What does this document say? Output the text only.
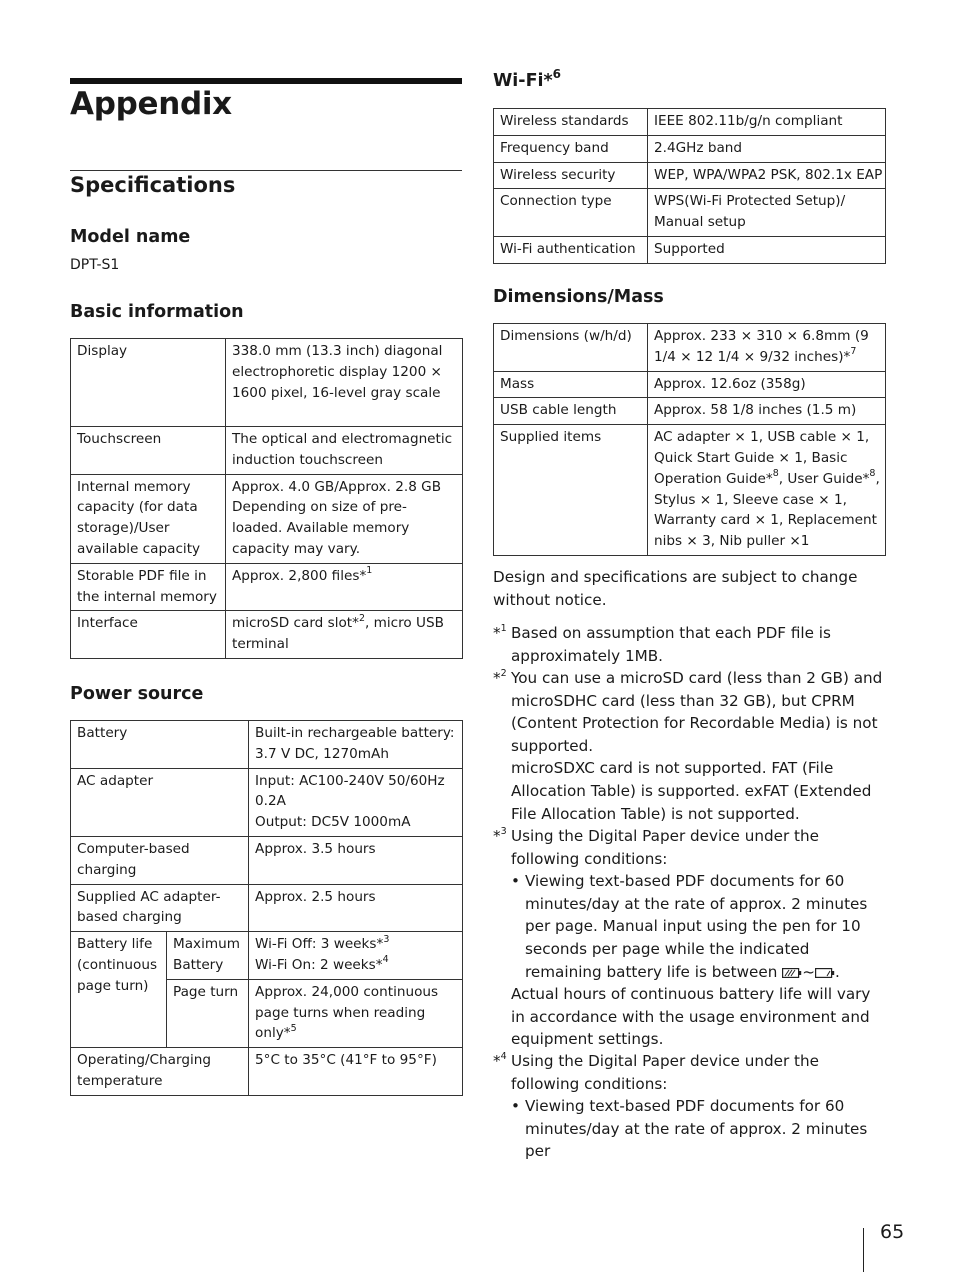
Appendix
Specifications
Model name
DPT-S1
Basic information
Display	338.0 mm (13.3 inch) diagonal electrophoretic display 1200 × 1600 pixel, 16-level gray scale
Touchscreen	The optical and electromagnetic induction touchscreen
Internal memory capacity (for data storage)/User available capacity	Approx. 4.0 GB/Approx. 2.8 GB Depending on size of pre-loaded. Available memory capacity may vary.
Storable PDF file in the internal memory	Approx. 2,800 files*$^1$
Interface	microSD card slot*$^2$, micro USB terminal
Power source
Battery		Built-in rechargeable battery: 3.7 V DC, 1270mAh
AC adapter		Input: AC100-240V 50/60Hz 0.2A
Output: DC5V 1000mA
Computer-based charging		Approx. 3.5 hours
Supplied AC adapter-based charging		Approx. 2.5 hours
Battery life (continuous page turn)	Maximum Battery	Wi-Fi Off: 3 weeks*$^3$
Wi-Fi On: 2 weeks*$^4$
	Page turn	Approx. 24,000 continuous page turns when reading only*$^5$
Operating/Charging temperature		5°C to 35°C (41°F to 95°F)
Wi-Fi*$^6$
Wireless standards	IEEE 802.11b/g/n compliant
Frequency band	2.4GHz band
Wireless security	WEP, WPA/WPA2 PSK, 802.1x EAP
Connection type	WPS(Wi-Fi Protected Setup)/ Manual setup
Wi-Fi authentication	Supported
Dimensions/Mass
Dimensions (w/h/d)	Approx. 233 × 310 × 6.8mm (9 1/4 × 12 1/4 × 9/32 inches)*$^7$
Mass	Approx. 12.6oz (358g)
USB cable length	Approx. 58 1/8 inches (1.5 m)
Supplied items	AC adapter × 1, USB cable × 1, Quick Start Guide × 1, Basic Operation Guide*$^8$, User Guide*$^8$, Stylus × 1, Sleeve case × 1, Warranty card × 1, Replacement nibs × 3, Nib puller ×1
Design and specifications are subject to change without notice.
*$^1$ Based on assumption that each PDF file is approximately 1MB.
*$^2$ You can use a microSD card (less than 2 GB) and microSDHC card (less than 32 GB), but CPRM (Content Protection for Recordable Media) is not supported.
microSDXC card is not supported. FAT (File Allocation Table) is supported. exFAT (Extended File Allocation Table) is not supported.
*$^3$ Using the Digital Paper device under the following conditions:
• Viewing text-based PDF documents for 60 minutes/day at the rate of approx. 2 minutes per page. Manual input using the pen for 10 seconds per page while the indicated remaining battery life is between ~ .
Actual hours of continuous battery life will vary in accordance with the usage environment and equipment settings.
*$^4$ Using the Digital Paper device under the following conditions:
• Viewing text-based PDF documents for 60 minutes/day at the rate of approx. 2 minutes per
65
